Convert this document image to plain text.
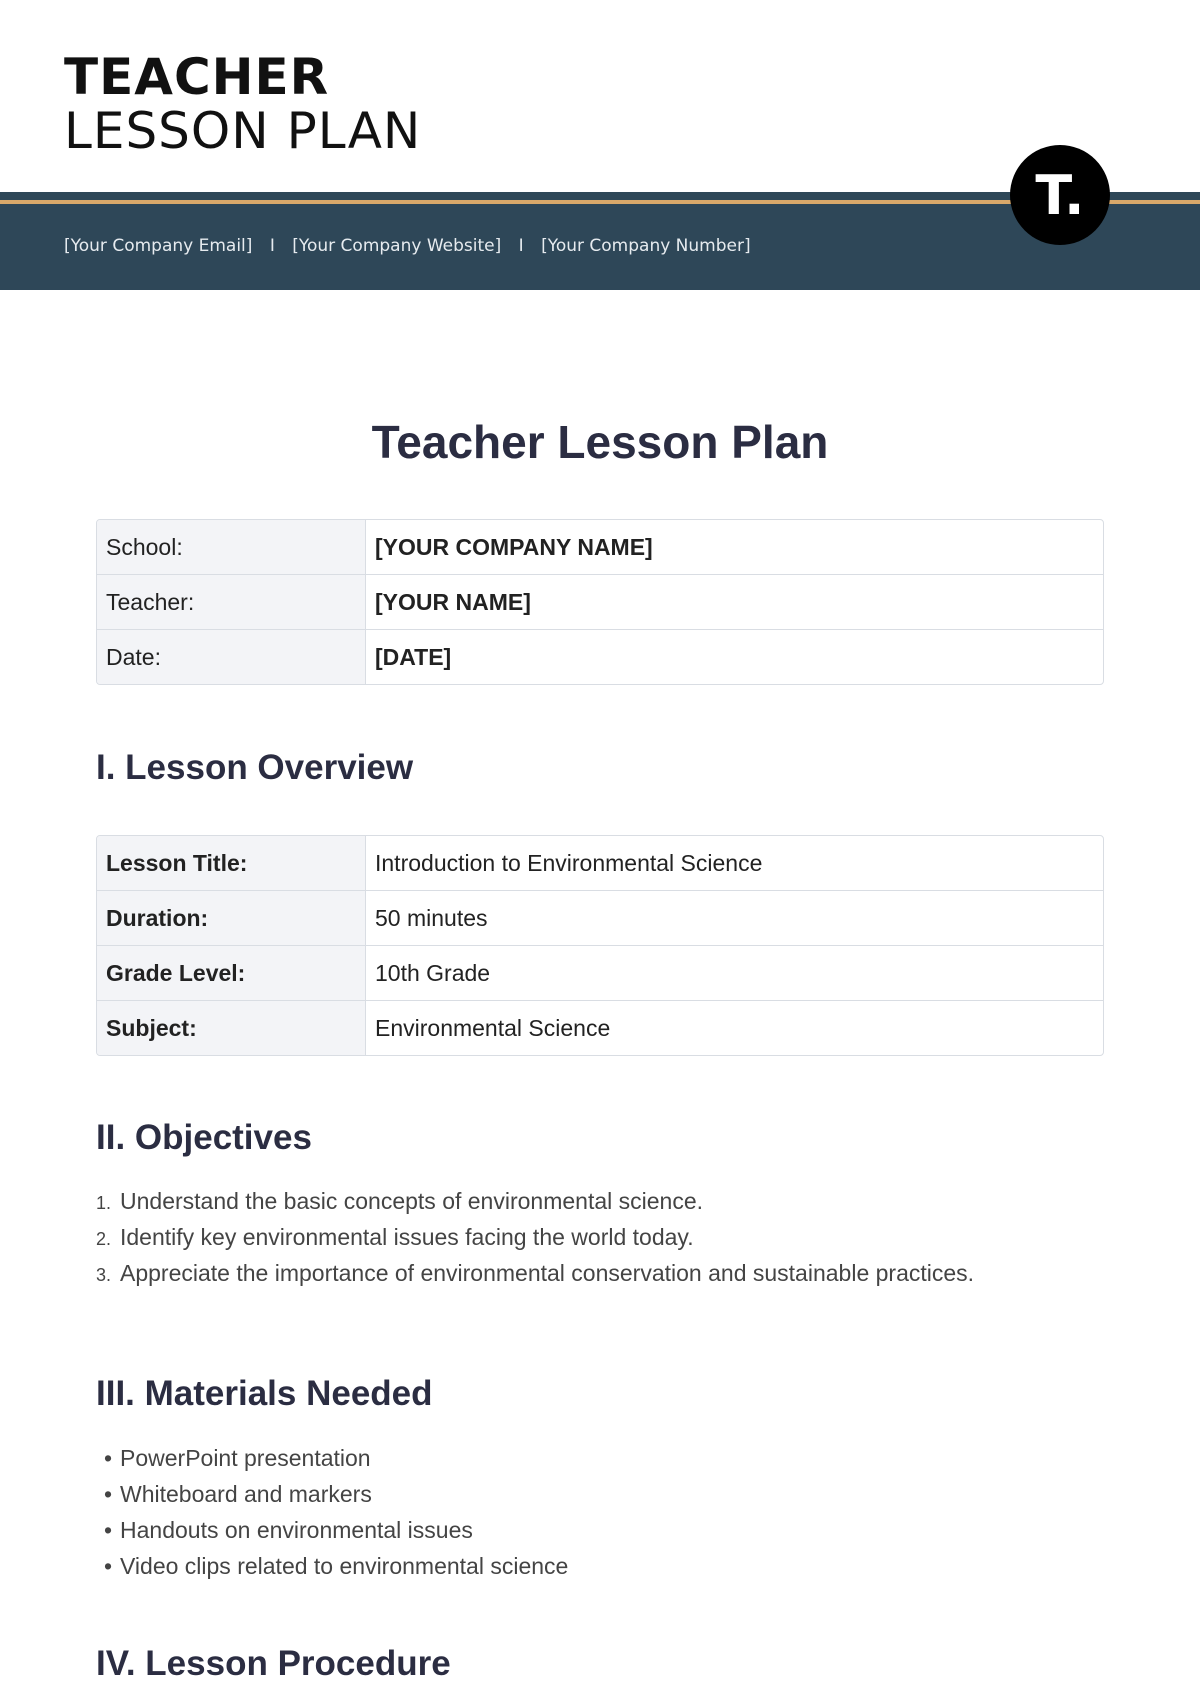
TEACHER
LESSON PLAN
[Your Company Email] I [Your Company Website] I [Your Company Number]
T.
Teacher Lesson Plan
School:	[YOUR COMPANY NAME]
Teacher:	[YOUR NAME]
Date:	[DATE]
I. Lesson Overview
Lesson Title:	Introduction to Environmental Science
Duration:	50 minutes
Grade Level:	10th Grade
Subject:	Environmental Science
II. Objectives
1. Understand the basic concepts of environmental science.
2. Identify key environmental issues facing the world today.
3. Appreciate the importance of environmental conservation and sustainable practices.
III. Materials Needed
• PowerPoint presentation
• Whiteboard and markers
• Handouts on environmental issues
• Video clips related to environmental science
IV. Lesson Procedure
